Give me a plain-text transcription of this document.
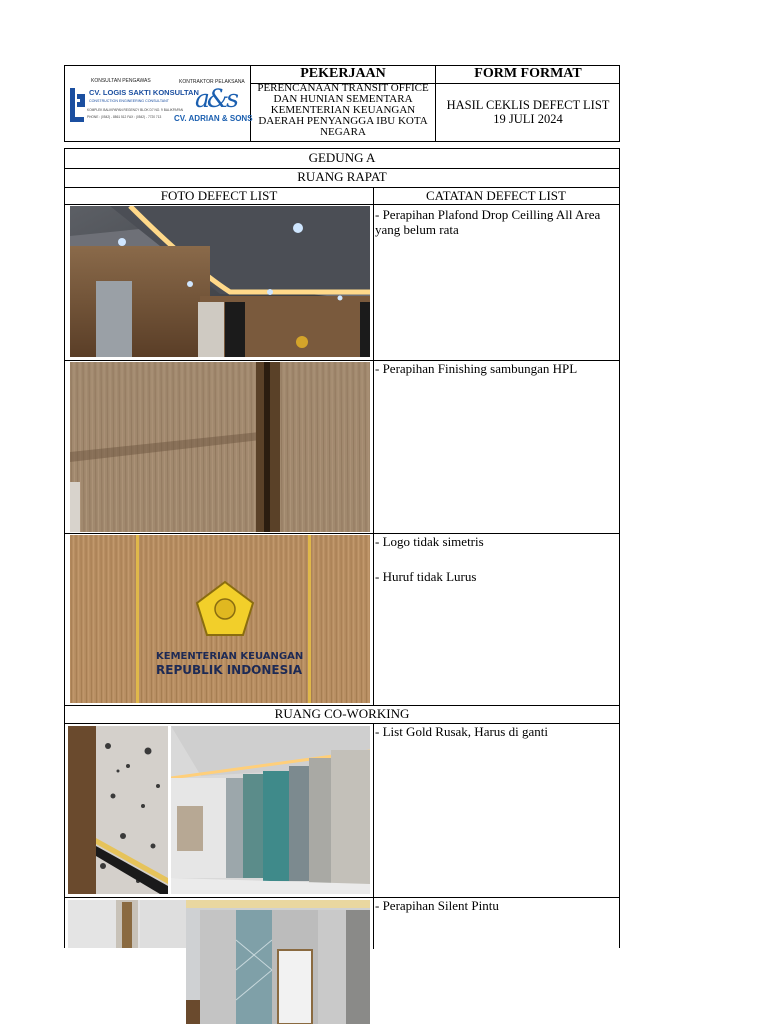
KONSULTAN PENGAWAS
CV. LOGIS SAKTI KONSULTAN
CONSTRUCTION ENGINEERING CONSULTANT
KOMPLEK BALIKPAPAN REGENCY BLOK D7 NO. 9 BALIKPAPAN
PHONE : (0542) - 8861 512 FAX : (0542) - 7720 713
KONTRAKTOR PELAKSANA
a&s
CV. ADRIAN & SONS
PEKERJAAN
PERENCANAAN TRANSIT OFFICE DAN HUNIAN SEMENTARA KEMENTERIAN KEUANGAN DAERAH PENYANGGA IBU KOTA NEGARA
FORM FORMAT
HASIL CEKLIS DEFECT LIST
19 JULI 2024
GEDUNG A
RUANG RAPAT
FOTO DEFECT LIST	CATATAN DEFECT LIST
RUANG CO-WORKING
- Perapihan Plafond Drop Ceilling All Area yang belum rata
- Perapihan Finishing sambungan HPL
- Logo tidak simetris
- Huruf tidak Lurus
- List Gold Rusak, Harus di ganti
- Perapihan Silent Pintu
KEMENTERIAN KEUANGAN
REPUBLIK INDONESIA
